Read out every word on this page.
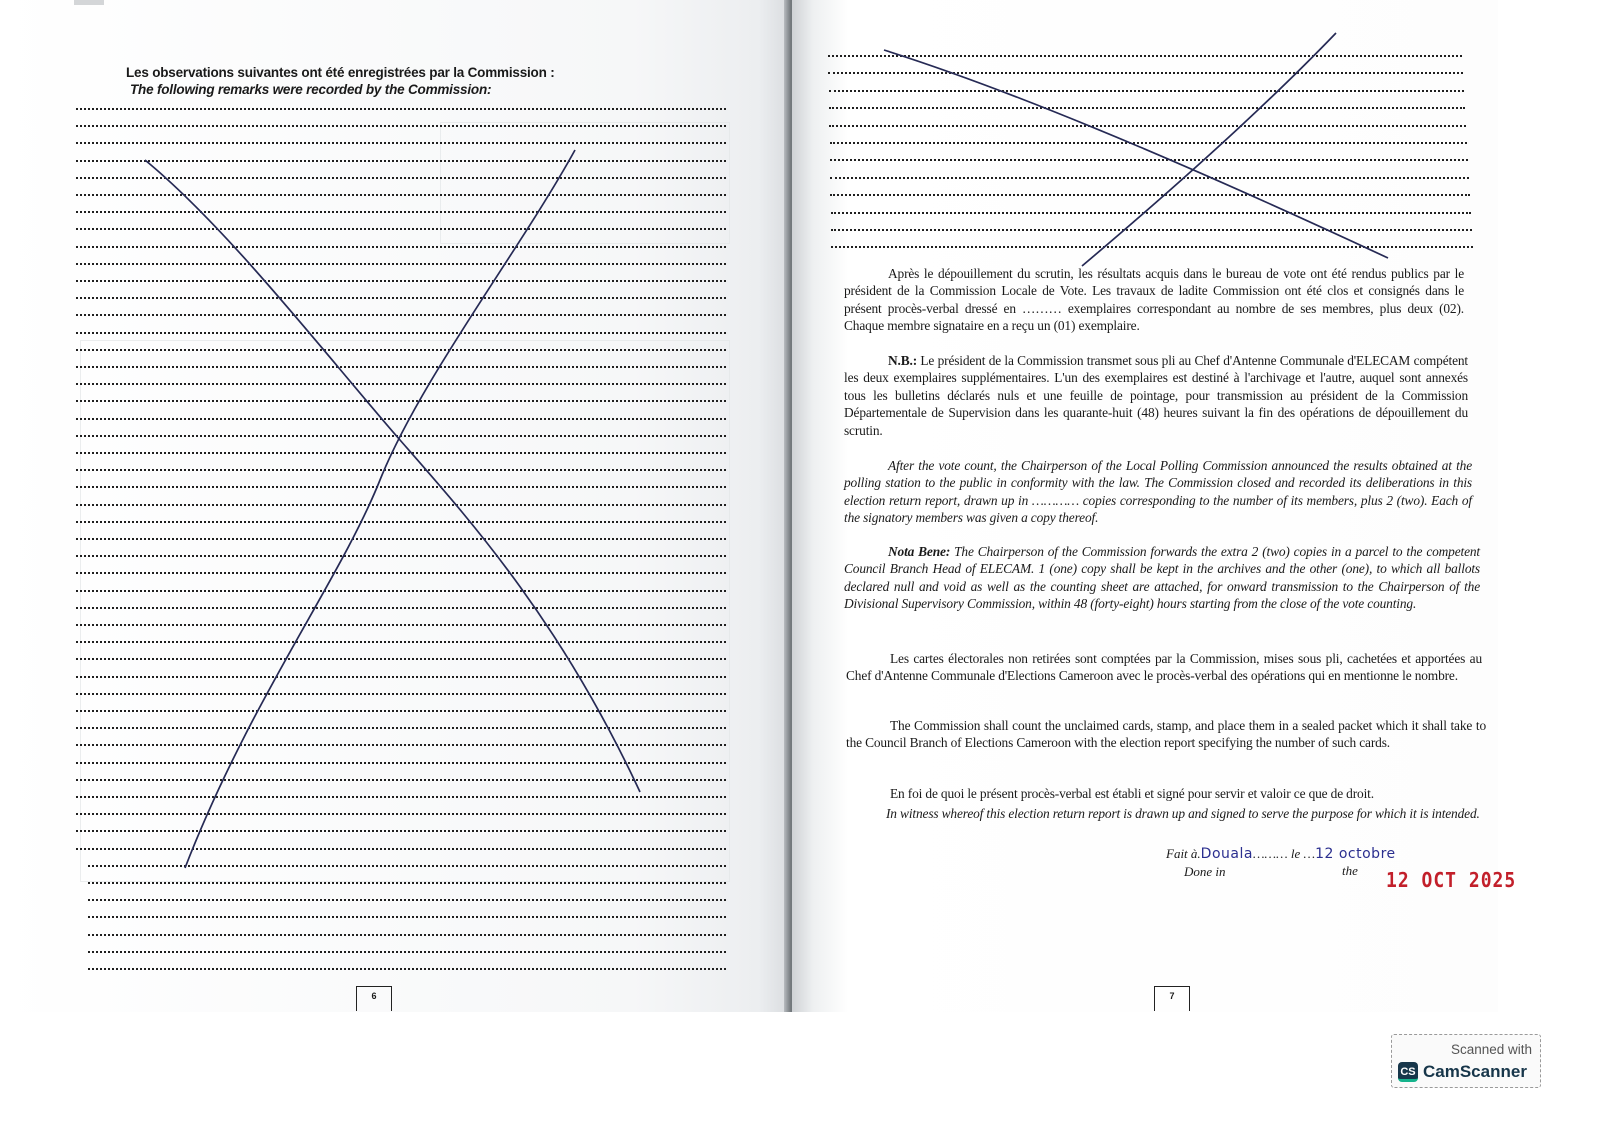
Les observations suivantes ont été enregistrées par la Commission :
The following remarks were recorded by the Commission:
6
Après le dépouillement du scrutin, les résultats acquis dans le bureau de vote ont été rendus publics par le président de la Commission Locale de Vote. Les travaux de ladite Commission ont été clos et consignés dans le présent procès-verbal dressé en ……… exemplaires correspondant au nombre de ses membres, plus deux (02). Chaque membre signataire en a reçu un (01) exemplaire.
N.B.: Le président de la Commission transmet sous pli au Chef d'Antenne Communale d'ELECAM compétent les deux exemplaires supplémentaires. L'un des exemplaires est destiné à l'archivage et l'autre, auquel sont annexés tous les bulletins déclarés nuls et une feuille de pointage, pour transmission au président de la Commission Départementale de Supervision dans les quarante-huit (48) heures suivant la fin des opérations de dépouillement du scrutin.
After the vote count, the Chairperson of the Local Polling Commission announced the results obtained at the polling station to the public in conformity with the law. The Commission closed and recorded its deliberations in this election return report, drawn up in ………… copies corresponding to the number of its members, plus 2 (two). Each of the signatory members was given a copy thereof.
Nota Bene: The Chairperson of the Commission forwards the extra 2 (two) copies in a parcel to the competent Council Branch Head of ELECAM. 1 (one) copy shall be kept in the archives and the other (one), to which all ballots declared null and void as well as the counting sheet are attached, for onward transmission to the Chairperson of the Divisional Supervisory Commission, within 48 (forty-eight) hours starting from the close of the vote counting.
Les cartes électorales non retirées sont comptées par la Commission, mises sous pli, cachetées et apportées au Chef d'Antenne Communale d'Elections Cameroon avec le procès-verbal des opérations qui en mentionne le nombre.
The Commission shall count the unclaimed cards, stamp, and place them in a sealed packet which it shall take to the Council Branch of Elections Cameroon with the election report specifying the number of such cards.
En foi de quoi le présent procès-verbal est établi et signé pour servir et valoir ce que de droit.
In witness whereof this election return report is drawn up and signed to serve the purpose for which it is intended.
Fait à.Douala……… le …12 octobre
Done in	the
7
12 OCT 2025
Scanned with
CS CamScanner
